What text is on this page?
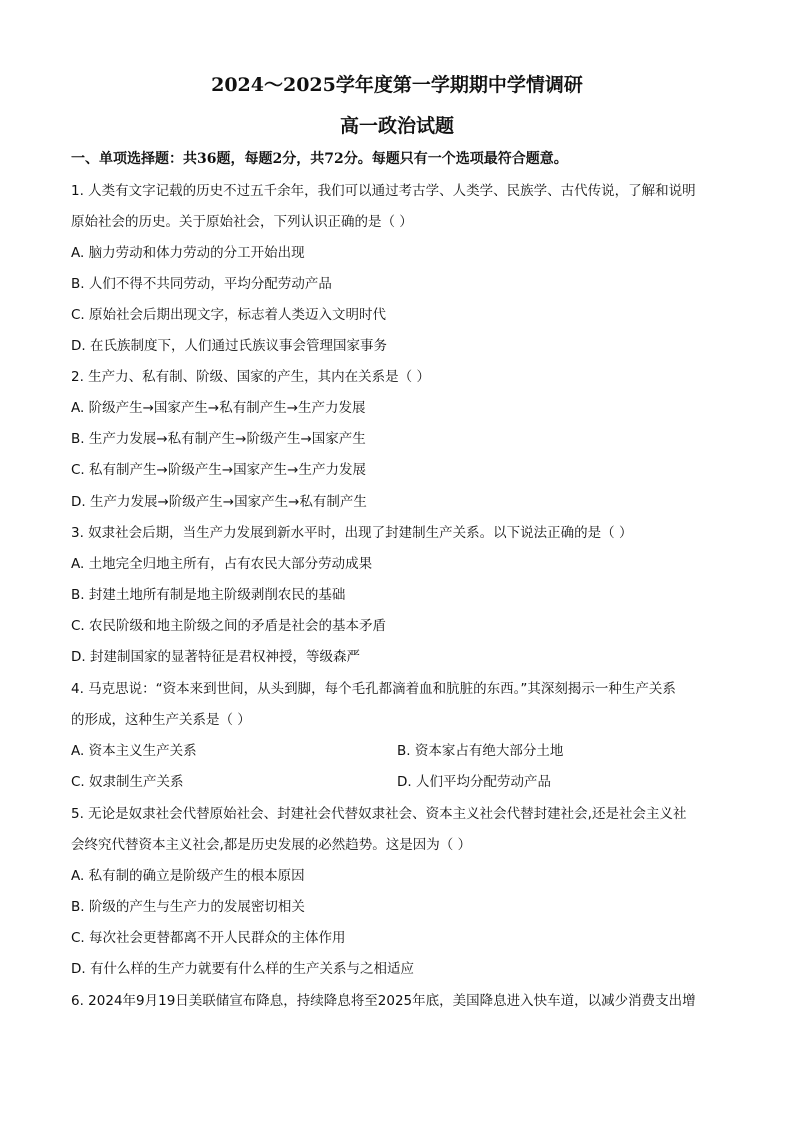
2024～2025学年度第一学期期中学情调研
高一政治试题
一、单项选择题：共36题，每题2分，共72分。每题只有一个选项最符合题意。
1. 人类有文字记载的历史不过五千余年，我们可以通过考古学、人类学、民族学、古代传说，了解和说明
原始社会的历史。关于原始社会，下列认识正确的是（ ）
A. 脑力劳动和体力劳动的分工开始出现
B. 人们不得不共同劳动，平均分配劳动产品
C. 原始社会后期出现文字，标志着人类迈入文明时代
D. 在氏族制度下，人们通过氏族议事会管理国家事务
2. 生产力、私有制、阶级、国家的产生，其内在关系是（ ）
A. 阶级产生→国家产生→私有制产生→生产力发展
B. 生产力发展→私有制产生→阶级产生→国家产生
C. 私有制产生→阶级产生→国家产生→生产力发展
D. 生产力发展→阶级产生→国家产生→私有制产生
3. 奴隶社会后期，当生产力发展到新水平时，出现了封建制生产关系。以下说法正确的是（ ）
A. 土地完全归地主所有，占有农民大部分劳动成果
B. 封建土地所有制是地主阶级剥削农民的基础
C. 农民阶级和地主阶级之间的矛盾是社会的基本矛盾
D. 封建制国家的显著特征是君权神授，等级森严
4. 马克思说：“资本来到世间，从头到脚，每个毛孔都滴着血和肮脏的东西。”其深刻揭示一种生产关系
的形成，这种生产关系是（ ）
A. 资本主义生产关系	B. 资本家占有绝大部分土地
C. 奴隶制生产关系	D. 人们平均分配劳动产品
5. 无论是奴隶社会代替原始社会、封建社会代替奴隶社会、资本主义社会代替封建社会,还是社会主义社
会终究代替资本主义社会,都是历史发展的必然趋势。这是因为（ ）
A. 私有制的确立是阶级产生的根本原因
B. 阶级的产生与生产力的发展密切相关
C. 每次社会更替都离不开人民群众的主体作用
D. 有什么样的生产力就要有什么样的生产关系与之相适应
6. 2024年9月19日美联储宣布降息，持续降息将至2025年底，美国降息进入快车道，以减少消费支出增
